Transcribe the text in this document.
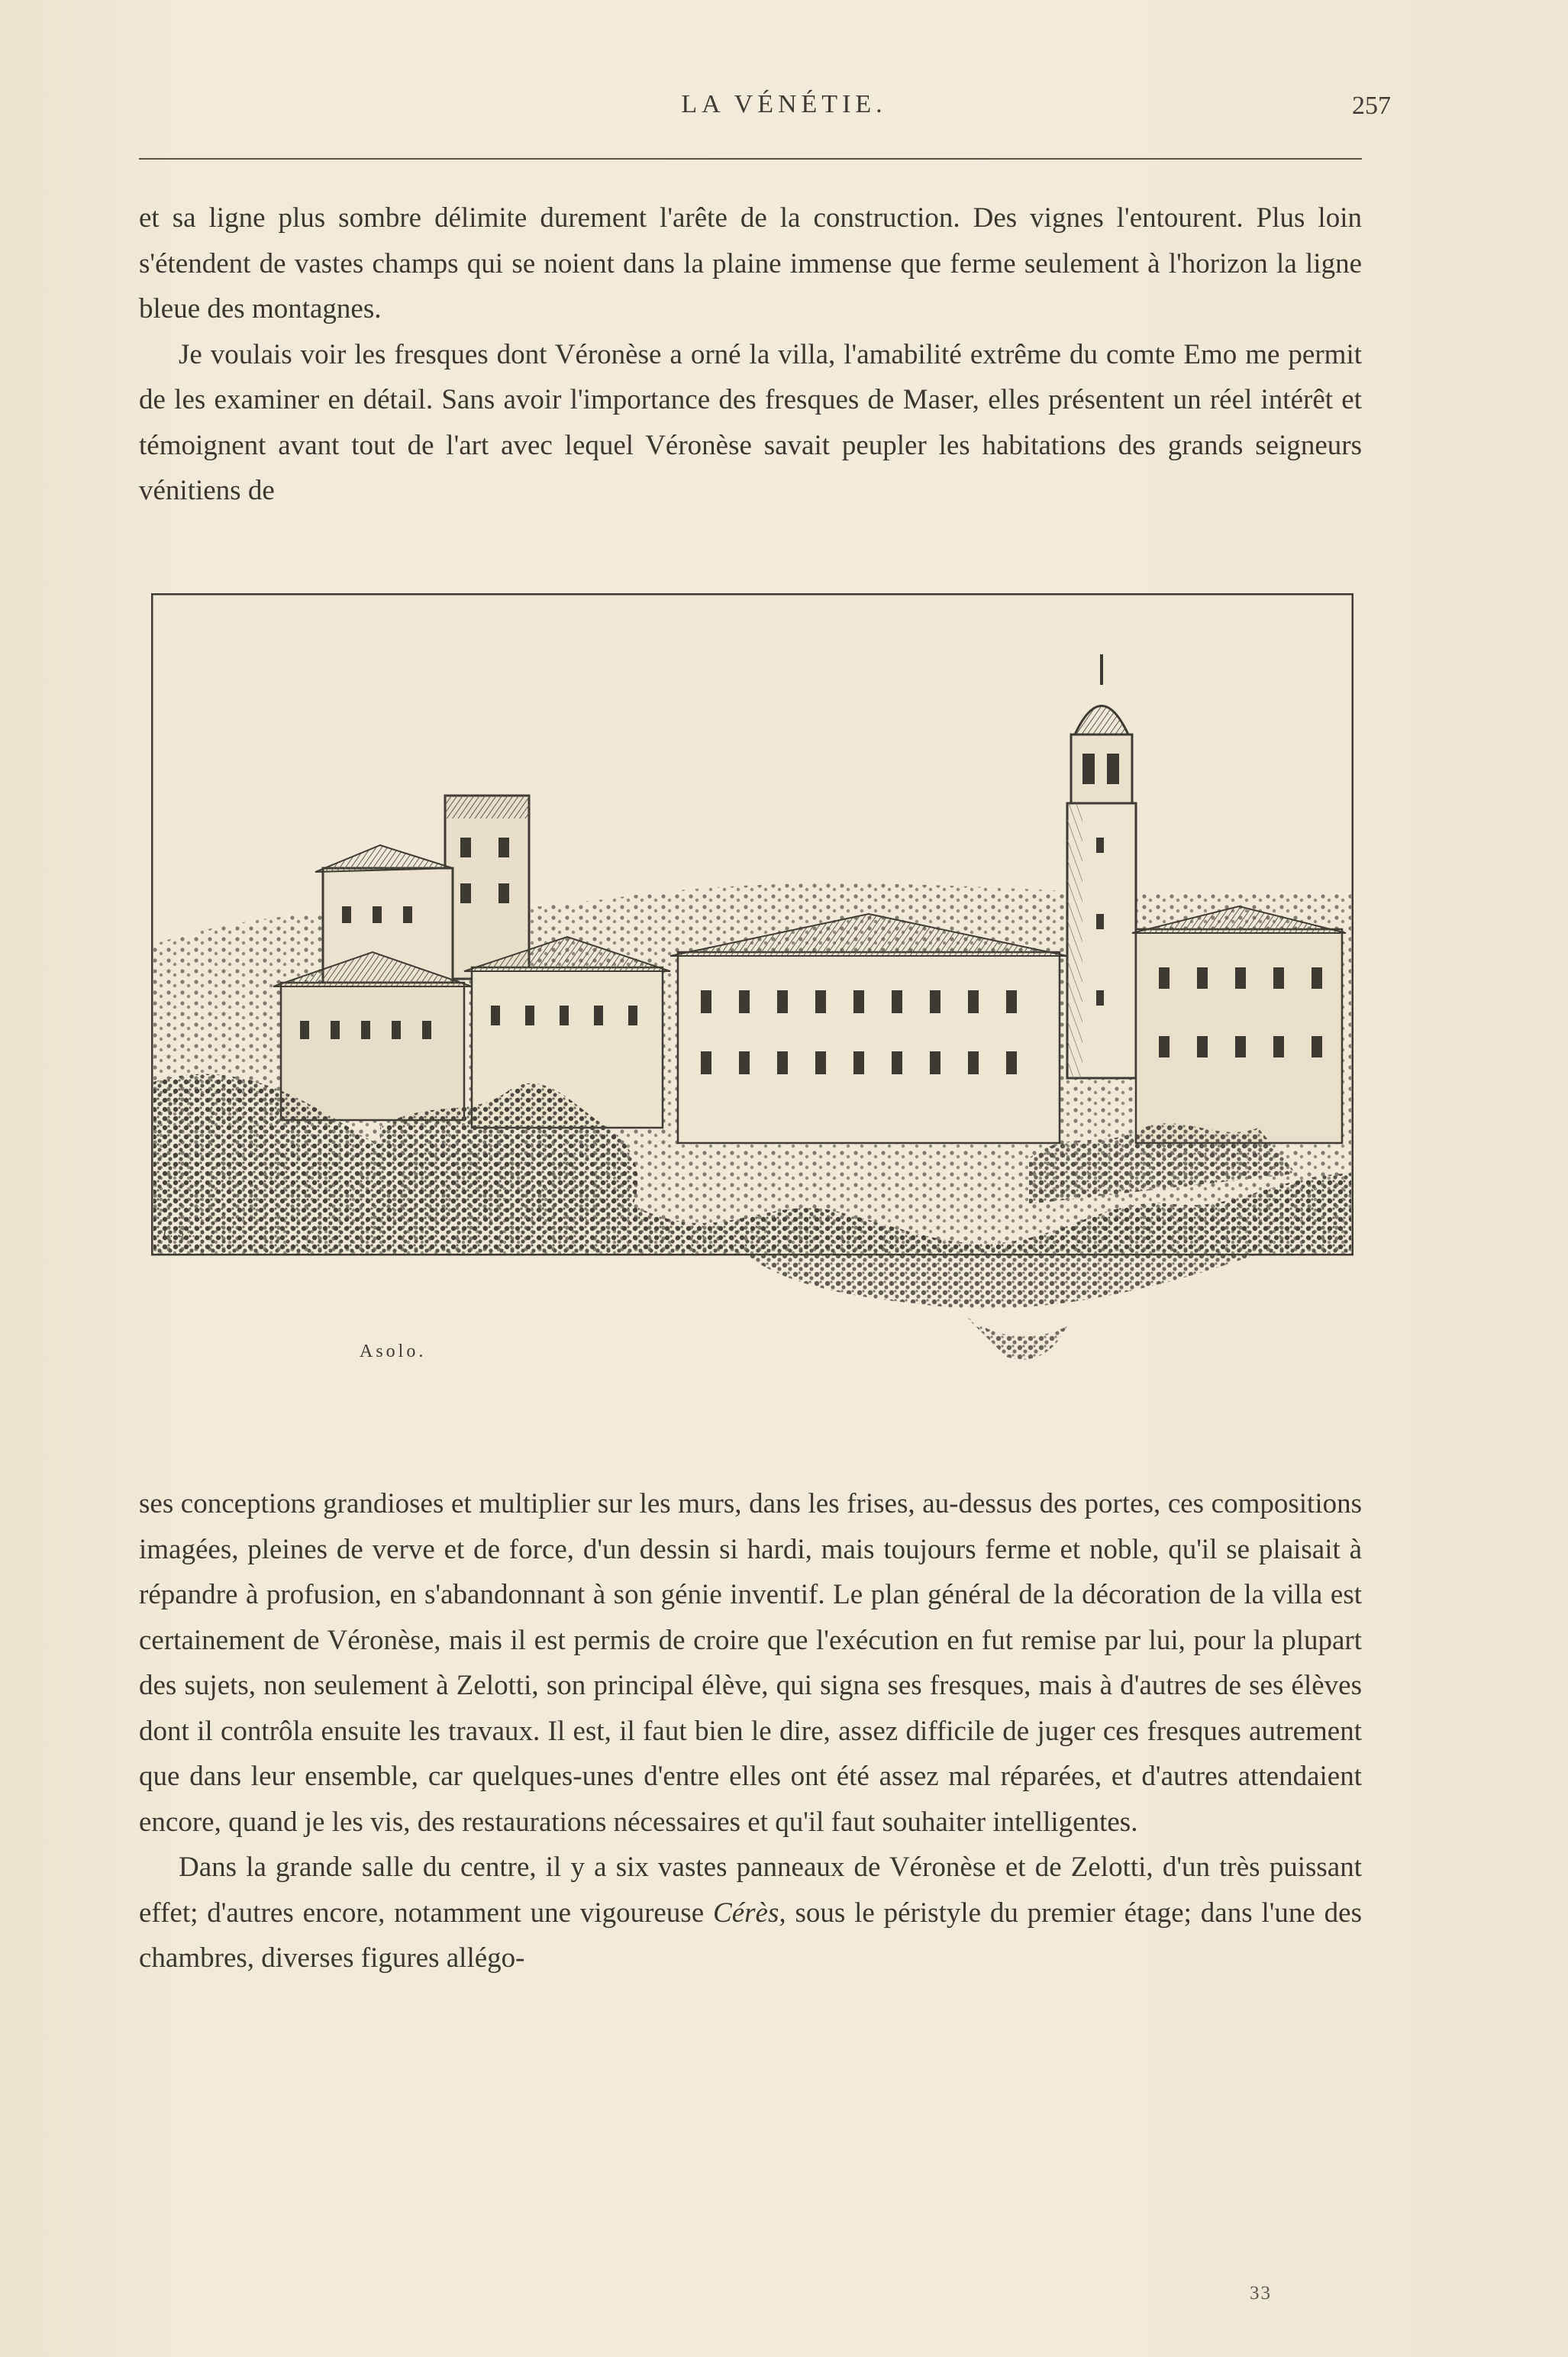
LA VÉNÉTIE.	257

et sa ligne plus sombre délimite durement l'arête de la construction. Des vignes l'entourent. Plus loin s'étendent de vastes champs qui se noient dans la plaine immense que ferme seulement à l'horizon la ligne bleue des montagnes.

Je voulais voir les fresques dont Véronèse a orné la villa, l'amabilité extrême du comte Emo me permit de les examiner en détail. Sans avoir l'importance des fresques de Maser, elles présentent un réel intérêt et témoignent avant tout de l'art avec lequel Véronèse savait peupler les habitations des grands seigneurs vénitiens de

L. S....
Asolo.

ses conceptions grandioses et multiplier sur les murs, dans les frises, au-dessus des portes, ces compositions imagées, pleines de verve et de force, d'un dessin si hardi, mais toujours ferme et noble, qu'il se plaisait à répandre à profusion, en s'abandonnant à son génie inventif. Le plan général de la décoration de la villa est certainement de Véronèse, mais il est permis de croire que l'exécution en fut remise par lui, pour la plupart des sujets, non seulement à Zelotti, son principal élève, qui signa ses fresques, mais à d'autres de ses élèves dont il contrôla ensuite les travaux. Il est, il faut bien le dire, assez difficile de juger ces fresques autrement que dans leur ensemble, car quelques-unes d'entre elles ont été assez mal réparées, et d'autres attendaient encore, quand je les vis, des restaurations nécessaires et qu'il faut souhaiter intelligentes.

Dans la grande salle du centre, il y a six vastes panneaux de Véronèse et de Zelotti, d'un très puissant effet; d'autres encore, notamment une vigoureuse Cérès, sous le péristyle du premier étage; dans l'une des chambres, diverses figures allégo-

33
